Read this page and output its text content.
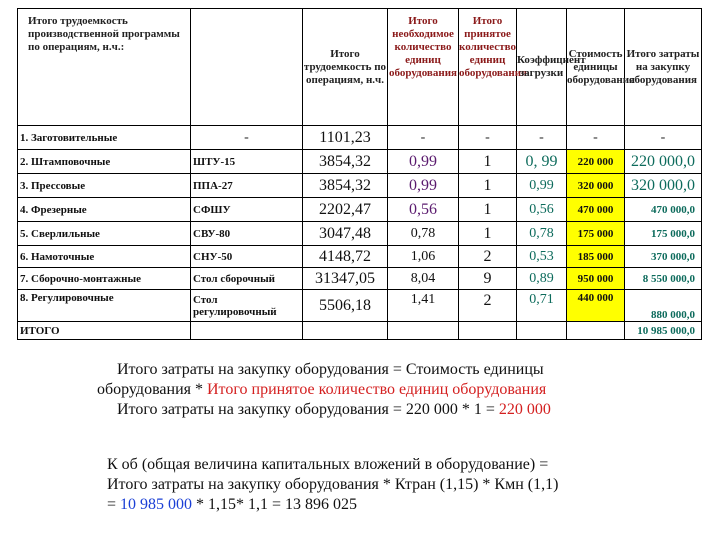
Итого трудоемкость производственной программы по операциям, н.ч.:		Итого трудоемкость по операциям, н.ч.	Итого необходимое количество единиц оборудования	Итого принятое количество единиц оборудования	Коэффициент загрузки	Стоимость единицы оборудования	Итого затраты на закупку оборудования
1. Заготовительные	-	1101,23	-	-	-	-	-
2. Штамповочные	ШТУ-15	3854,32	0,99	1	0, 99	220 000	220 000,0
3. Прессовые	ППА-27	3854,32	0,99	1	0,99	320 000	320 000,0
4. Фрезерные	СФШУ	2202,47	0,56	1	0,56	470 000	470 000,0
5. Сверлильные	СВУ-80	3047,48	0,78	1	0,78	175 000	175 000,0
6. Намоточные	СНУ-50	4148,72	1,06	2	0,53	185 000	370 000,0
7. Сборочно-монтажные	Стол сборочный	31347,05	8,04	9	0,89	950 000	8 550 000,0
8. Регулировочные	Стол регулировочный	5506,18	1,41	2	0,71	440 000	880 000,0
ИТОГО							10 985 000,0
Итого затраты на закупку оборудования = Стоимость единицы
оборудования * Итого принятое количество единиц оборудования
Итого затраты на закупку оборудования = 220 000 * 1 = 220 000
К об (общая величина капитальных вложений в оборудование) =
Итого затраты на закупку оборудования * Ктран (1,15) * Кмн (1,1)
= 10 985 000 * 1,15* 1,1 = 13 896 025
